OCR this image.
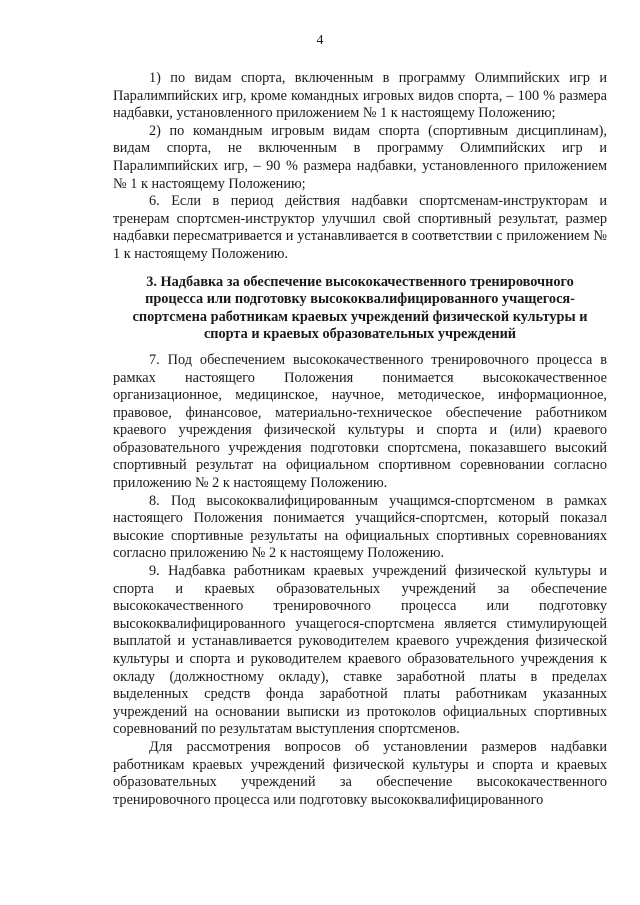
4

1) по видам спорта, включенным в программу Олимпийских игр и Паралимпийских игр, кроме командных игровых видов спорта, – 100 % размера надбавки, установленного приложением № 1 к настоящему Положению;

2) по командным игровым видам спорта (спортивным дисциплинам), видам спорта, не включенным в программу Олимпийских игр и Паралимпийских игр, – 90 % размера надбавки, установленного приложением № 1 к настоящему Положению;

6. Если в период действия надбавки спортсменам-инструкторам и тренерам спортсмен-инструктор улучшил свой спортивный результат, размер надбавки пересматривается и устанавливается в соответствии с приложением № 1 к настоящему Положению.

3. Надбавка за обеспечение высококачественного тренировочного
процесса или подготовку высококвалифицированного учащегося-
спортсмена работникам краевых учреждений физической культуры и
спорта и краевых образовательных учреждений

7. Под обеспечением высококачественного тренировочного процесса в рамках настоящего Положения понимается высококачественное организационное, медицинское, научное, методическое, информационное, правовое, финансовое, материально-техническое обеспечение работником краевого учреждения физической культуры и спорта и (или) краевого образовательного учреждения подготовки спортсмена, показавшего высокий спортивный результат на официальном спортивном соревновании согласно приложению № 2 к настоящему Положению.

8. Под высококвалифицированным учащимся-спортсменом в рамках настоящего Положения понимается учащийся-спортсмен, который показал высокие спортивные результаты на официальных спортивных соревнованиях согласно приложению № 2 к настоящему Положению.

9. Надбавка работникам краевых учреждений физической культуры и спорта и краевых образовательных учреждений за обеспечение высококачественного тренировочного процесса или подготовку высококвалифицированного учащегося-спортсмена является стимулирующей выплатой и устанавливается руководителем краевого учреждения физической культуры и спорта и руководителем краевого образовательного учреждения к окладу (должностному окладу), ставке заработной платы в пределах выделенных средств фонда заработной платы работникам указанных учреждений на основании выписки из протоколов официальных спортивных соревнований по результатам выступления спортсменов.

Для рассмотрения вопросов об установлении размеров надбавки работникам краевых учреждений физической культуры и спорта и краевых образовательных учреждений за обеспечение высококачественного тренировочного процесса или подготовку высококвалифицированного
